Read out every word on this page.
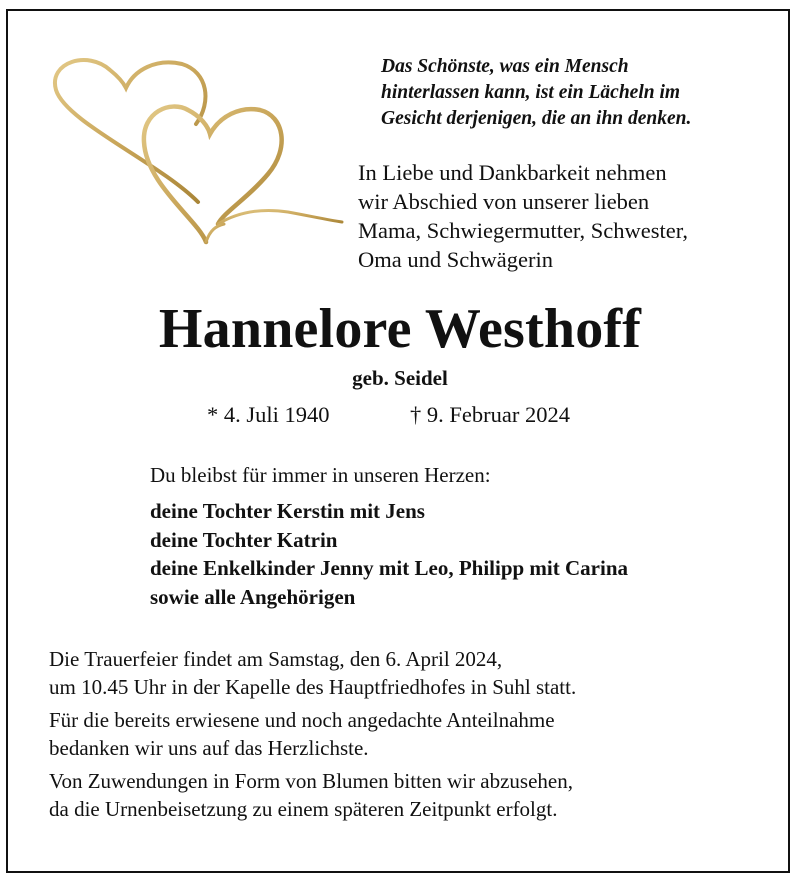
Das Schönste, was ein Mensch
hinterlassen kann, ist ein Lächeln im
Gesicht derjenigen, die an ihn denken.

In Liebe und Dankbarkeit nehmen
wir Abschied von unserer lieben
Mama, Schwiegermutter, Schwester,
Oma und Schwägerin

Hannelore Westhoff
geb. Seidel
* 4. Juli 1940	† 9. Februar 2024

Du bleibst für immer in unseren Herzen:

deine Tochter Kerstin mit Jens
deine Tochter Katrin
deine Enkelkinder Jenny mit Leo, Philipp mit Carina
sowie alle Angehörigen

Die Trauerfeier findet am Samstag, den 6. April 2024,
um 10.45 Uhr in der Kapelle des Hauptfriedhofes in Suhl statt.

Für die bereits erwiesene und noch angedachte Anteilnahme
bedanken wir uns auf das Herzlichste.

Von Zuwendungen in Form von Blumen bitten wir abzusehen,
da die Urnenbeisetzung zu einem späteren Zeitpunkt erfolgt.
